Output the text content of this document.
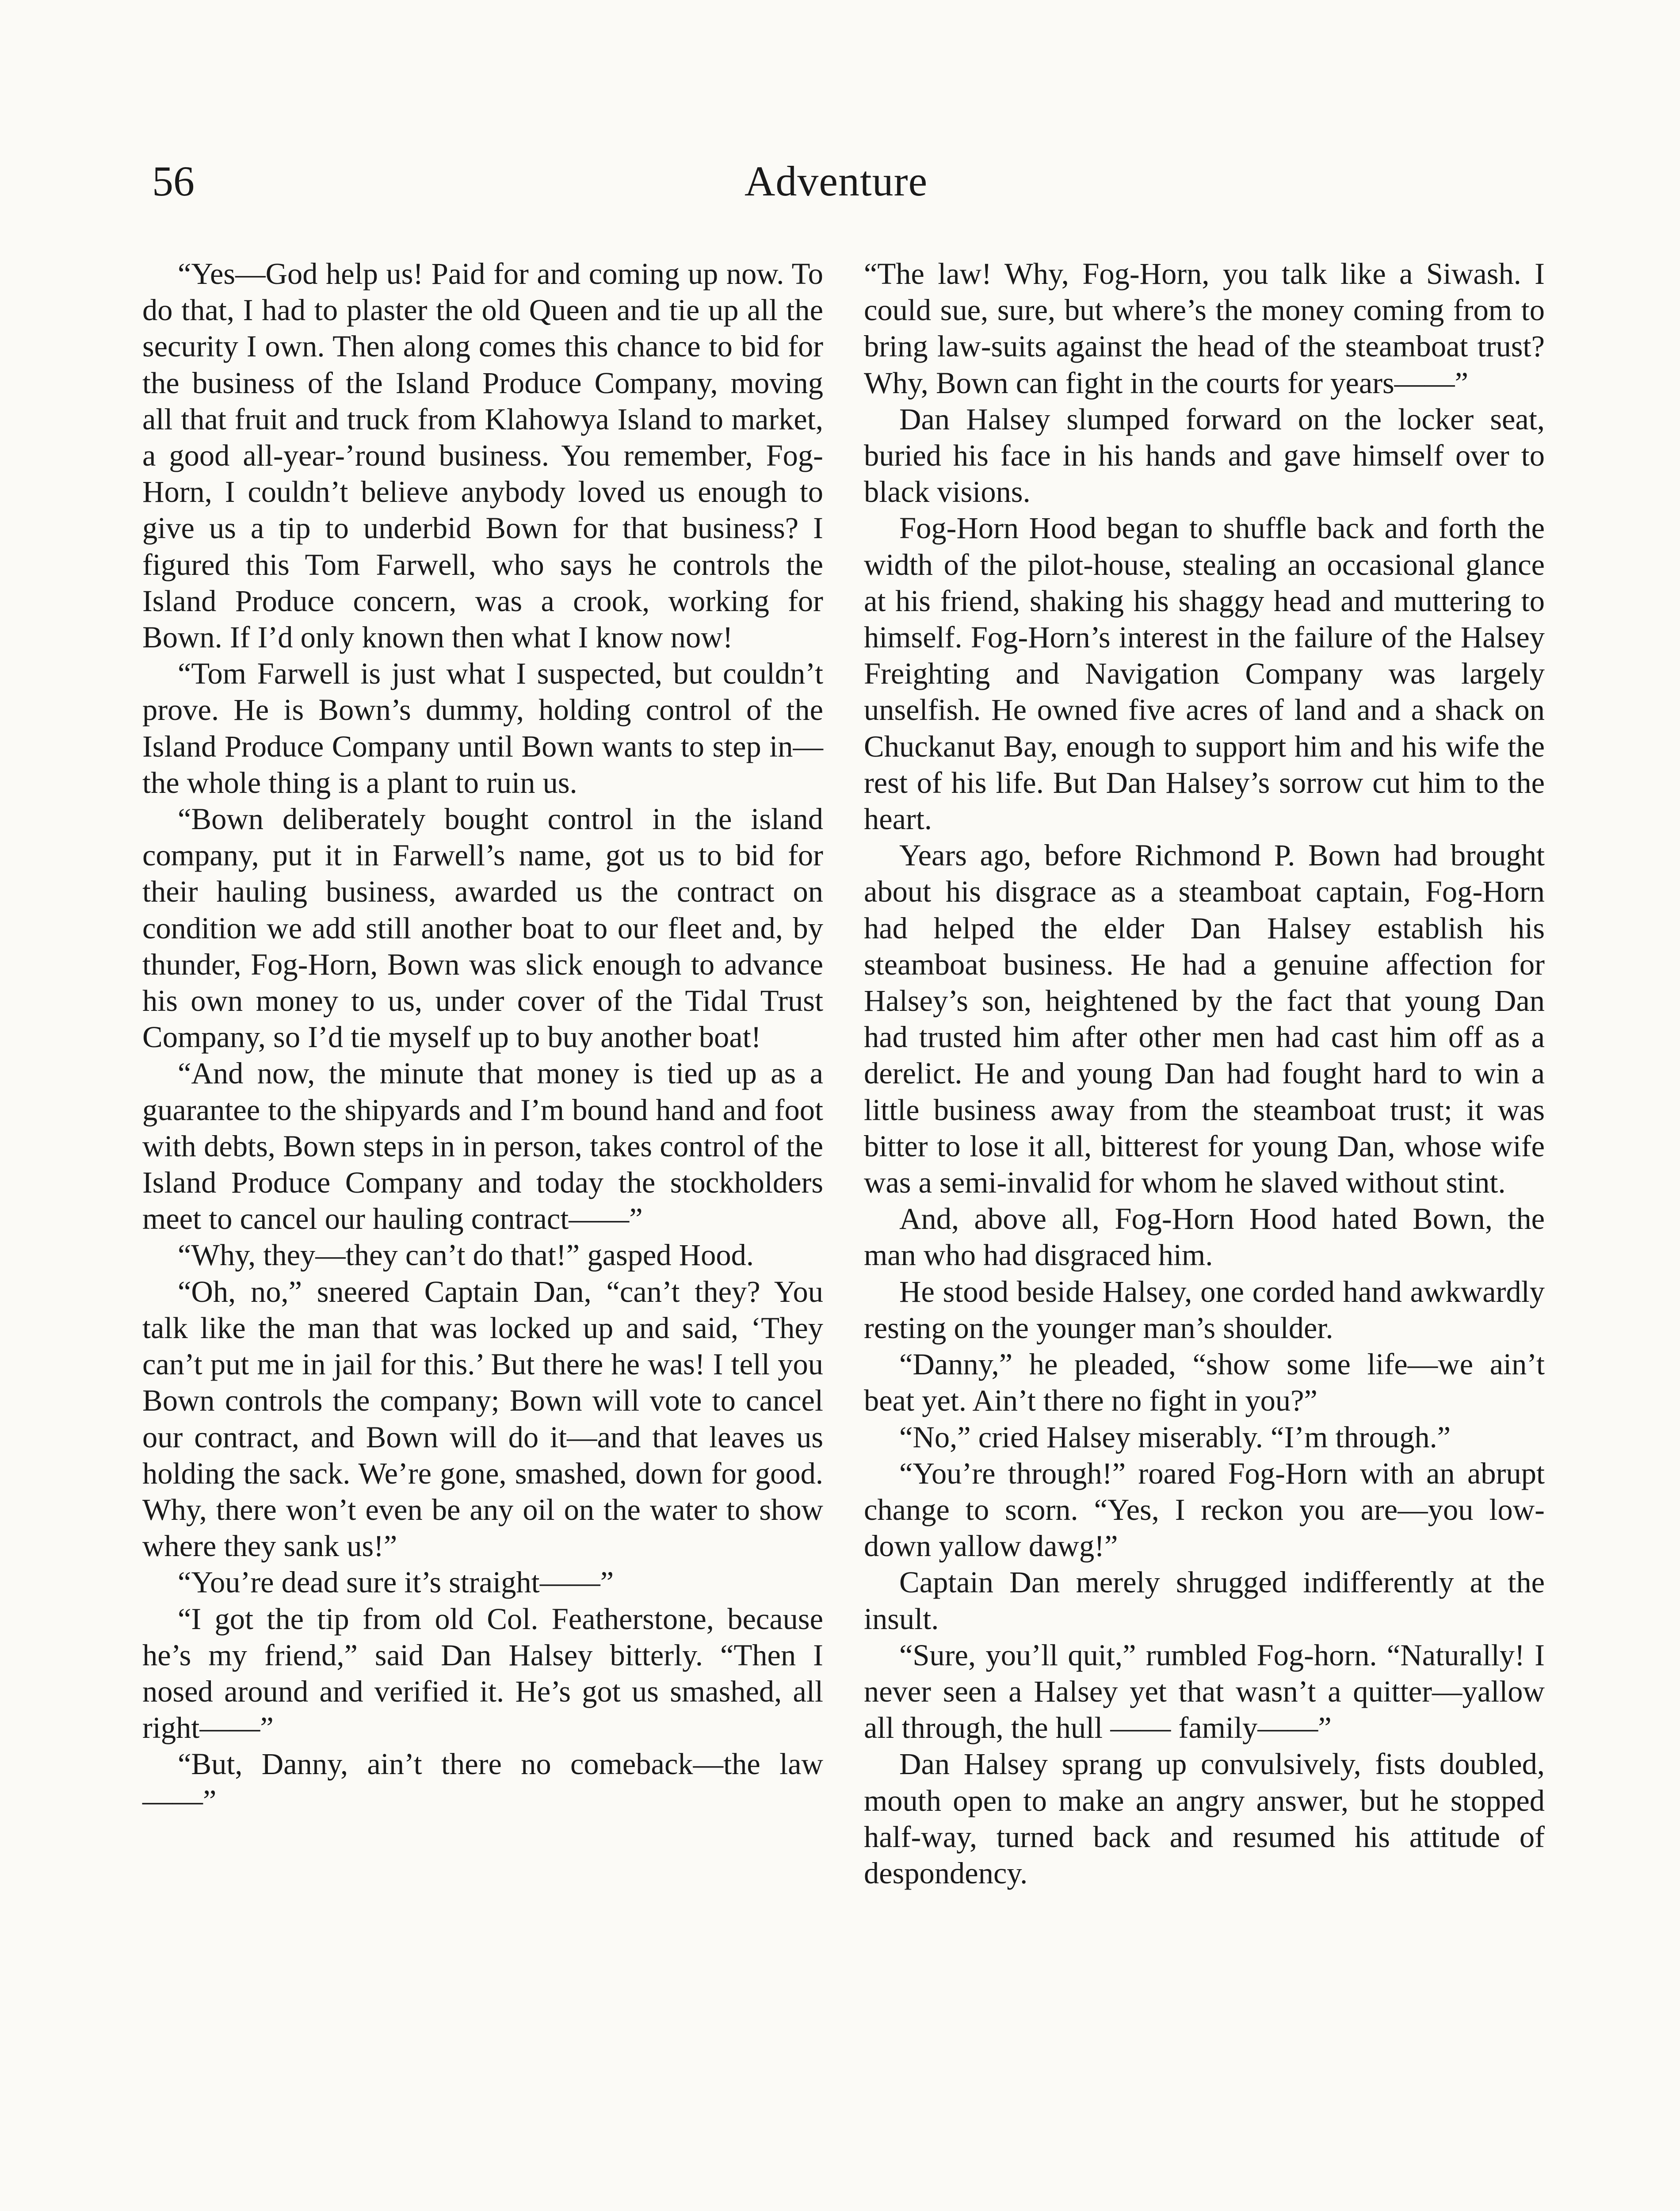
56	Adventure

“Yes—God help us! Paid for and coming up now. To do that, I had to plaster the old Queen and tie up all the security I own. Then along comes this chance to bid for the business of the Island Produce Company, moving all that fruit and truck from Klahowya Island to market, a good all-year-’round business. You remember, Fog-Horn, I couldn’t believe anybody loved us enough to give us a tip to underbid Bown for that business? I figured this Tom Farwell, who says he controls the Island Produce concern, was a crook, working for Bown. If I’d only known then what I know now!

“Tom Farwell is just what I suspected, but couldn’t prove. He is Bown’s dummy, holding control of the Island Produce Company until Bown wants to step in—the whole thing is a plant to ruin us.

“Bown deliberately bought control in the island company, put it in Farwell’s name, got us to bid for their hauling business, awarded us the contract on condition we add still another boat to our fleet and, by thunder, Fog-Horn, Bown was slick enough to advance his own money to us, under cover of the Tidal Trust Company, so I’d tie myself up to buy another boat!

“And now, the minute that money is tied up as a guarantee to the shipyards and I’m bound hand and foot with debts, Bown steps in in person, takes control of the Island Produce Company and today the stockholders meet to cancel our hauling contract——”

“Why, they—they can’t do that!” gasped Hood.

“Oh, no,” sneered Captain Dan, “can’t they? You talk like the man that was locked up and said, ‘They can’t put me in jail for this.’ But there he was! I tell you Bown controls the company; Bown will vote to cancel our contract, and Bown will do it—and that leaves us holding the sack. We’re gone, smashed, down for good. Why, there won’t even be any oil on the water to show where they sank us!”

“You’re dead sure it’s straight——”

“I got the tip from old Col. Featherstone, because he’s my friend,” said Dan Halsey bitterly. “Then I nosed around and verified it. He’s got us smashed, all right——”

“But, Danny, ain’t there no comeback—the law——”

“The law! Why, Fog-Horn, you talk like a Siwash. I could sue, sure, but where’s the money coming from to bring law-suits against the head of the steamboat trust? Why, Bown can fight in the courts for years——”

Dan Halsey slumped forward on the locker seat, buried his face in his hands and gave himself over to black visions.

Fog-Horn Hood began to shuffle back and forth the width of the pilot-house, stealing an occasional glance at his friend, shaking his shaggy head and muttering to himself. Fog-Horn’s interest in the failure of the Halsey Freighting and Navigation Company was largely unselfish. He owned five acres of land and a shack on Chuckanut Bay, enough to support him and his wife the rest of his life. But Dan Halsey’s sorrow cut him to the heart.

Years ago, before Richmond P. Bown had brought about his disgrace as a steamboat captain, Fog-Horn had helped the elder Dan Halsey establish his steamboat business. He had a genuine affection for Halsey’s son, heightened by the fact that young Dan had trusted him after other men had cast him off as a derelict. He and young Dan had fought hard to win a little business away from the steamboat trust; it was bitter to lose it all, bitterest for young Dan, whose wife was a semi-invalid for whom he slaved without stint.

And, above all, Fog-Horn Hood hated Bown, the man who had disgraced him.

He stood beside Halsey, one corded hand awkwardly resting on the younger man’s shoulder.

“Danny,” he pleaded, “show some life—we ain’t beat yet. Ain’t there no fight in you?”

“No,” cried Halsey miserably. “I’m through.”

“You’re through!” roared Fog-Horn with an abrupt change to scorn. “Yes, I reckon you are—you low-down yallow dawg!”

Captain Dan merely shrugged indifferently at the insult.

“Sure, you’ll quit,” rumbled Fog-horn. “Naturally! I never seen a Halsey yet that wasn’t a quitter—yallow all through, the hull —— family——”

Dan Halsey sprang up convulsively, fists doubled, mouth open to make an angry answer, but he stopped half-way, turned back and resumed his attitude of despondency.
